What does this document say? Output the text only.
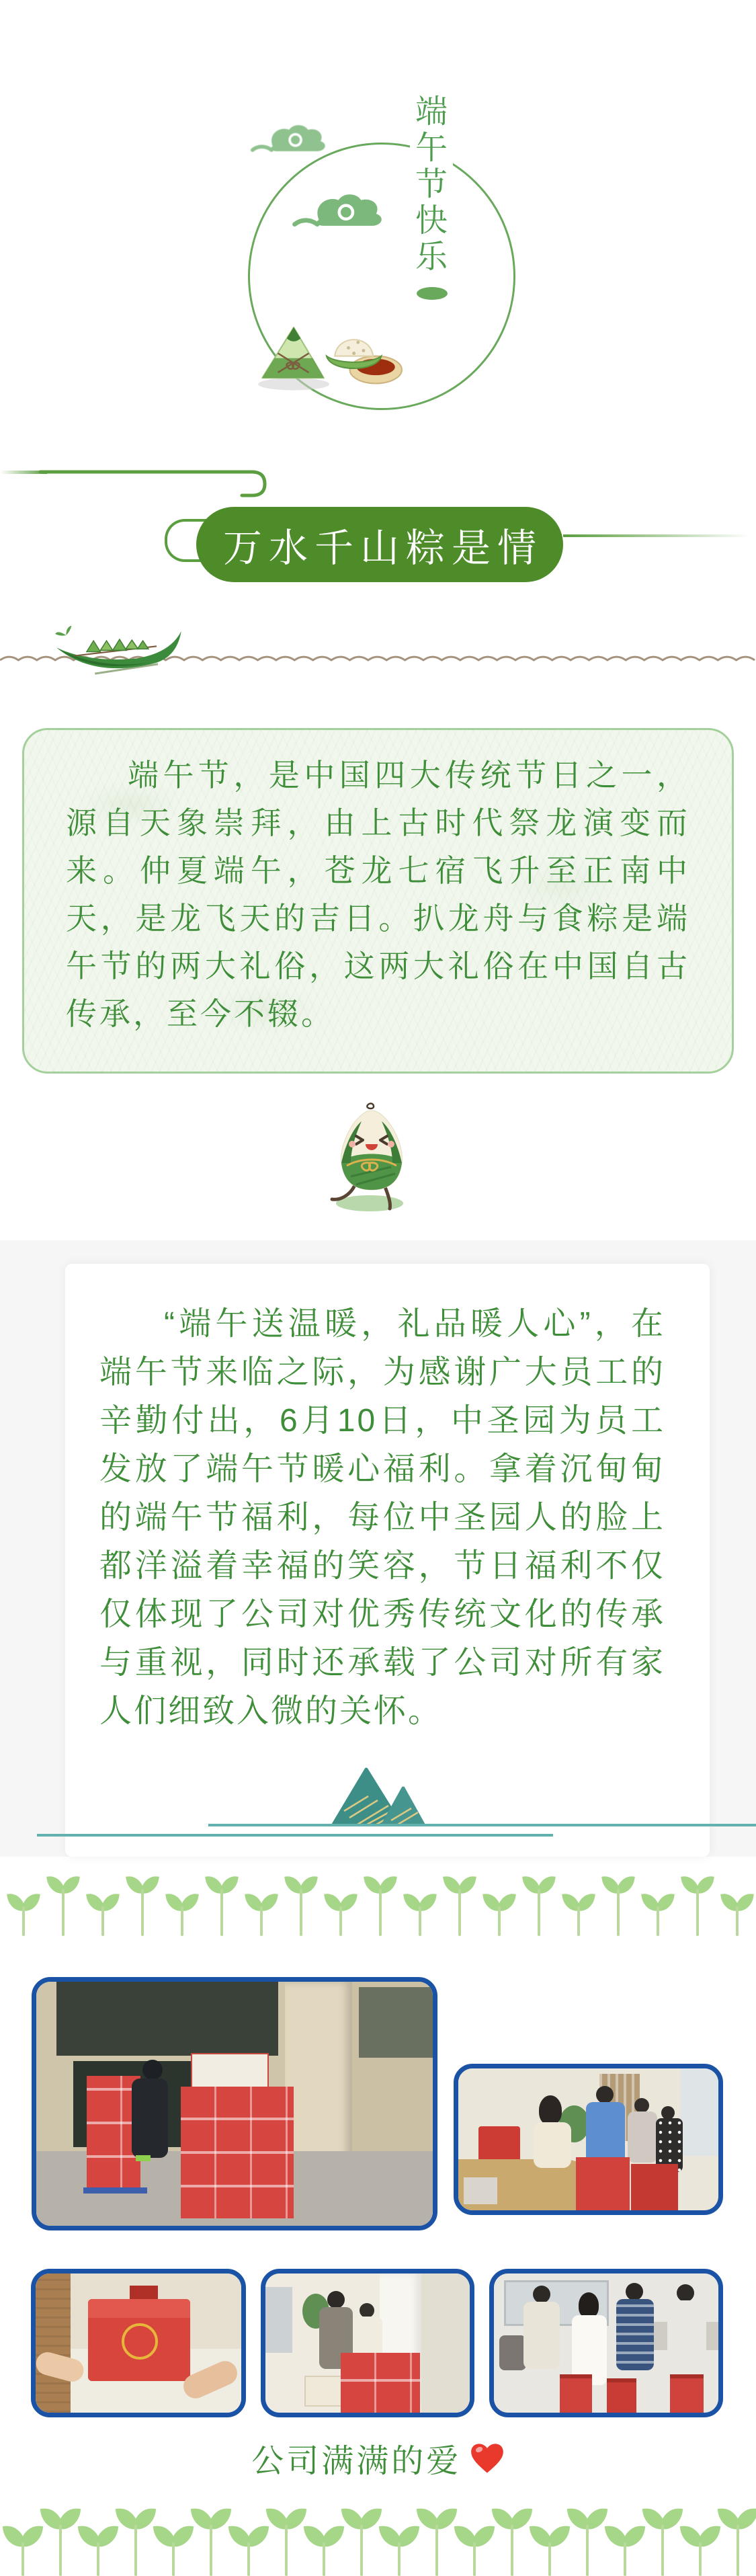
端
午
节
快
乐
万水千山粽是情

端午节，是中国四大传统节日之一，源自天象崇拜，由上古时代祭龙演变而来。仲夏端午，苍龙七宿飞升至正南中天，是龙飞天的吉日。扒龙舟与食粽是端午节的两大礼俗，这两大礼俗在中国自古传承，至今不辍。

“端午送温暖，礼品暖人心”，在端午节来临之际，为感谢广大员工的辛勤付出，6月10日，中圣园为员工发放了端午节暖心福利。拿着沉甸甸的端午节福利，每位中圣园人的脸上都洋溢着幸福的笑容，节日福利不仅仅体现了公司对优秀传统文化的传承与重视，同时还承载了公司对所有家人们细致入微的关怀。

公司满满的爱
